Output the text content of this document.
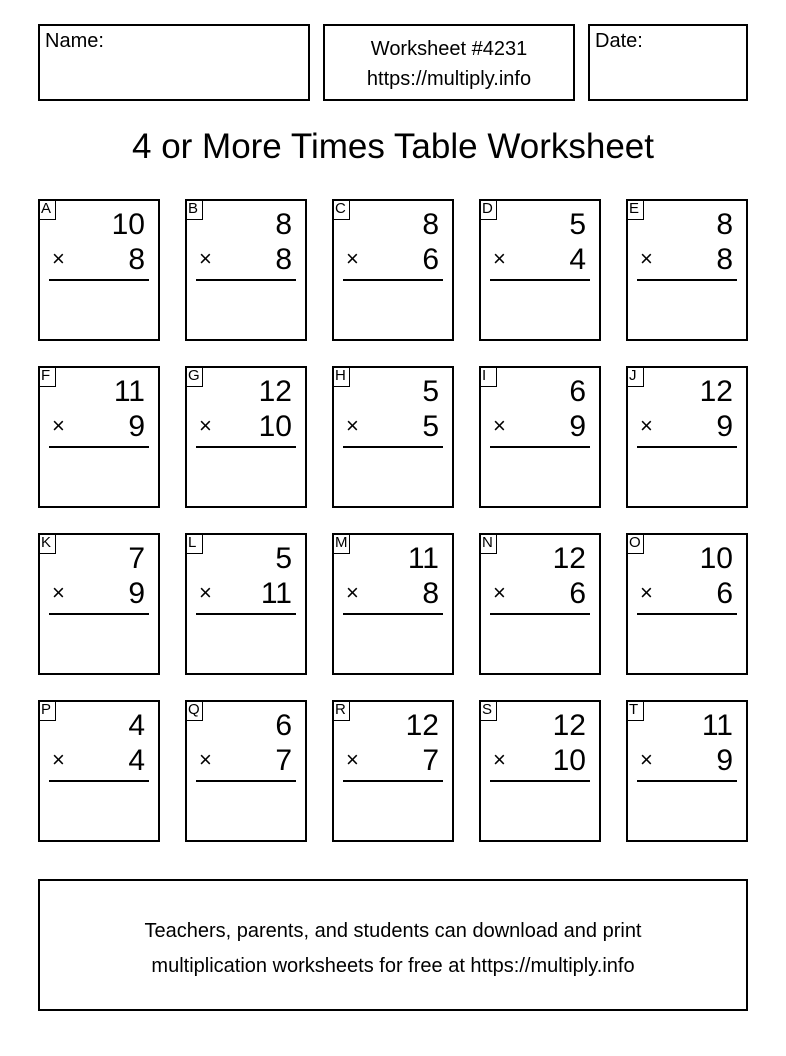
Name:	Worksheet #4231
https://multiply.info
Date:
4 or More Times Table Worksheet
A 10
× 8
B	8
× 8
C	8
× 6
D	5
× 4
E	8
× 8
F 11
× 9
G 12
× 10
H	5
× 5
I	6
× 9
J 12
× 9
K	7
× 9
L	5
× 11
M 11
× 8
N 12
× 6
O 10
× 6
P	4
× 4
Q	6
× 7
R 12
× 7
S 12
× 10
T 11
× 9
Teachers, parents, and students can download and print
multiplication worksheets for free at https://multiply.info
